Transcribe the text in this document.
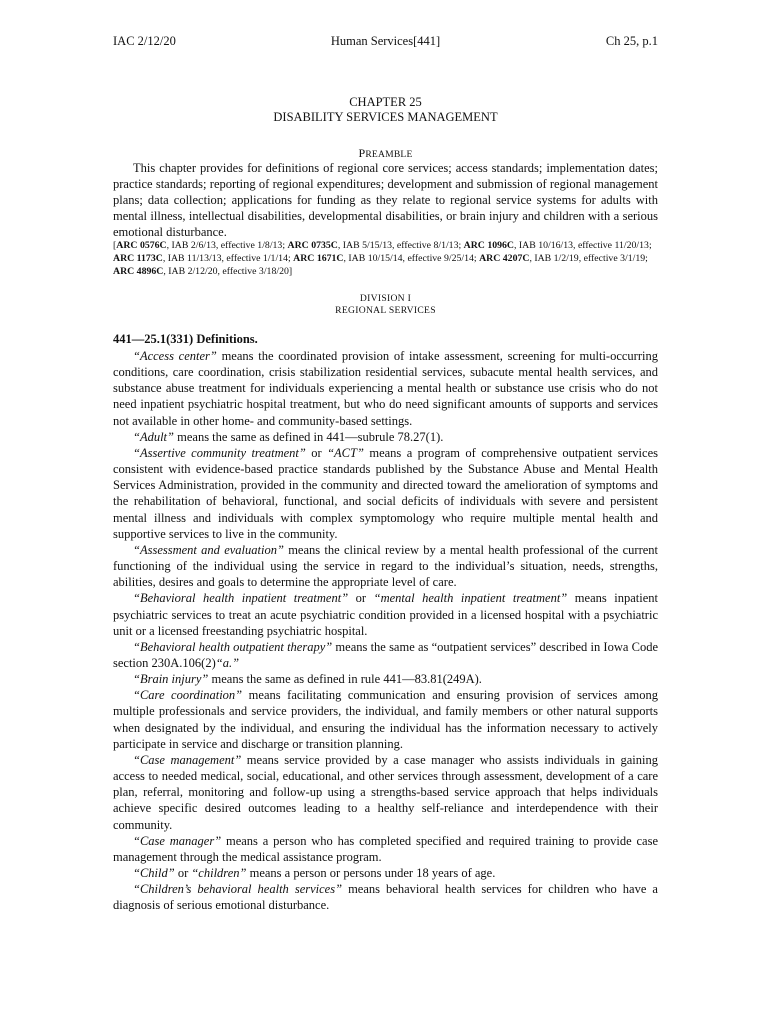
IAC 2/12/20	Human Services[441]	Ch 25, p.1
CHAPTER 25
DISABILITY SERVICES MANAGEMENT
PREAMBLE
This chapter provides for definitions of regional core services; access standards; implementation dates; practice standards; reporting of regional expenditures; development and submission of regional management plans; data collection; applications for funding as they relate to regional service systems for adults with mental illness, intellectual disabilities, developmental disabilities, or brain injury and children with a serious emotional disturbance.
[ARC 0576C, IAB 2/6/13, effective 1/8/13; ARC 0735C, IAB 5/15/13, effective 8/1/13; ARC 1096C, IAB 10/16/13, effective 11/20/13; ARC 1173C, IAB 11/13/13, effective 1/1/14; ARC 1671C, IAB 10/15/14, effective 9/25/14; ARC 4207C, IAB 1/2/19, effective 3/1/19; ARC 4896C, IAB 2/12/20, effective 3/18/20]
DIVISION I
REGIONAL SERVICES
441—25.1(331) Definitions.

“Access center” means the coordinated provision of intake assessment, screening for multi-occurring conditions, care coordination, crisis stabilization residential services, subacute mental health services, and substance abuse treatment for individuals experiencing a mental health or substance use crisis who do not need inpatient psychiatric hospital treatment, but who do need significant amounts of supports and services not available in other home- and community-based settings.

“Adult” means the same as defined in 441—subrule 78.27(1).

“Assertive community treatment” or “ACT” means a program of comprehensive outpatient services consistent with evidence-based practice standards published by the Substance Abuse and Mental Health Services Administration, provided in the community and directed toward the amelioration of symptoms and the rehabilitation of behavioral, functional, and social deficits of individuals with severe and persistent mental illness and individuals with complex symptomology who require multiple mental health and supportive services to live in the community.

“Assessment and evaluation” means the clinical review by a mental health professional of the current functioning of the individual using the service in regard to the individual’s situation, needs, strengths, abilities, desires and goals to determine the appropriate level of care.

“Behavioral health inpatient treatment” or “mental health inpatient treatment” means inpatient psychiatric services to treat an acute psychiatric condition provided in a licensed hospital with a psychiatric unit or a licensed freestanding psychiatric hospital.

“Behavioral health outpatient therapy” means the same as “outpatient services” described in Iowa Code section 230A.106(2)“a.”

“Brain injury” means the same as defined in rule 441—83.81(249A).

“Care coordination” means facilitating communication and ensuring provision of services among multiple professionals and service providers, the individual, and family members or other natural supports when designated by the individual, and ensuring the individual has the information necessary to actively participate in service and discharge or transition planning.

“Case management” means service provided by a case manager who assists individuals in gaining access to needed medical, social, educational, and other services through assessment, development of a care plan, referral, monitoring and follow-up using a strengths-based service approach that helps individuals achieve specific desired outcomes leading to a healthy self-reliance and interdependence with their community.

“Case manager” means a person who has completed specified and required training to provide case management through the medical assistance program.

“Child” or “children” means a person or persons under 18 years of age.

“Children’s behavioral health services” means behavioral health services for children who have a diagnosis of serious emotional disturbance.
